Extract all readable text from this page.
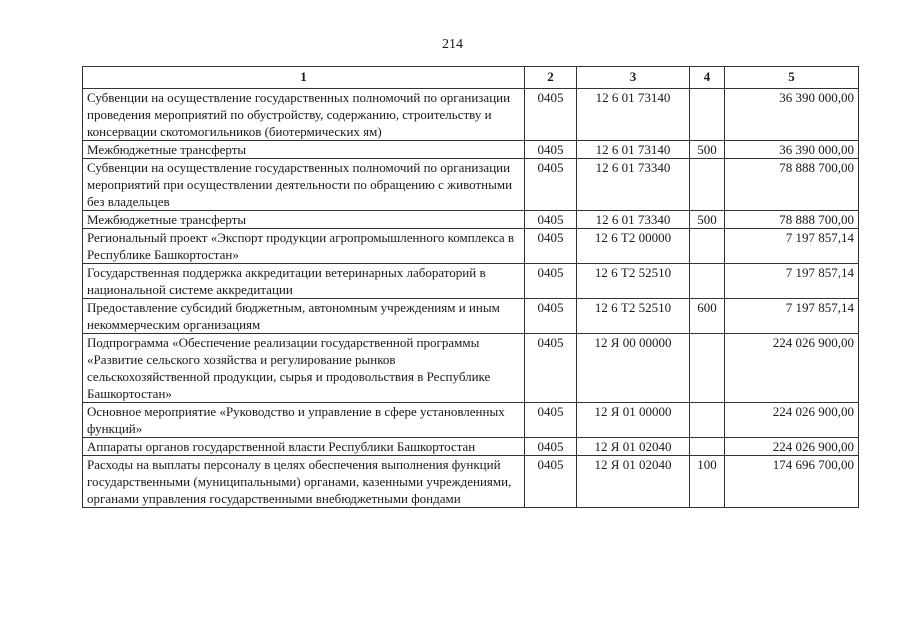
214
1	2	3	4	5
Субвенции на осуществление государственных полномочий по организации проведения мероприятий по обустройству, содержанию, строительству и консервации скотомогильников (биотермических ям)	0405	12 6 01 73140		36 390 000,00
Межбюджетные трансферты	0405	12 6 01 73140	500	36 390 000,00
Субвенции на осуществление государственных полномочий по организации мероприятий при осуществлении деятельности по обращению с животными без владельцев	0405	12 6 01 73340		78 888 700,00
Межбюджетные трансферты	0405	12 6 01 73340	500	78 888 700,00
Региональный проект «Экспорт продукции агропромышленного комплекса в Республике Башкортостан»	0405	12 6 Т2 00000		7 197 857,14
Государственная поддержка аккредитации ветеринарных лабораторий в национальной системе аккредитации	0405	12 6 Т2 52510		7 197 857,14
Предоставление субсидий бюджетным, автономным учреждениям и иным некоммерческим организациям	0405	12 6 Т2 52510	600	7 197 857,14
Подпрограмма «Обеспечение реализации государственной программы «Развитие сельского хозяйства и регулирование рынков сельскохозяйственной продукции, сырья и продовольствия в Республике Башкортостан»	0405	12 Я 00 00000		224 026 900,00
Основное мероприятие «Руководство и управление в сфере установленных функций»	0405	12 Я 01 00000		224 026 900,00
Аппараты органов государственной власти Республики Башкортостан	0405	12 Я 01 02040		224 026 900,00
Расходы на выплаты персоналу в целях обеспечения выполнения функций государственными (муниципальными) органами, казенными учреждениями, органами управления государственными внебюджетными фондами	0405	12 Я 01 02040	100	174 696 700,00
